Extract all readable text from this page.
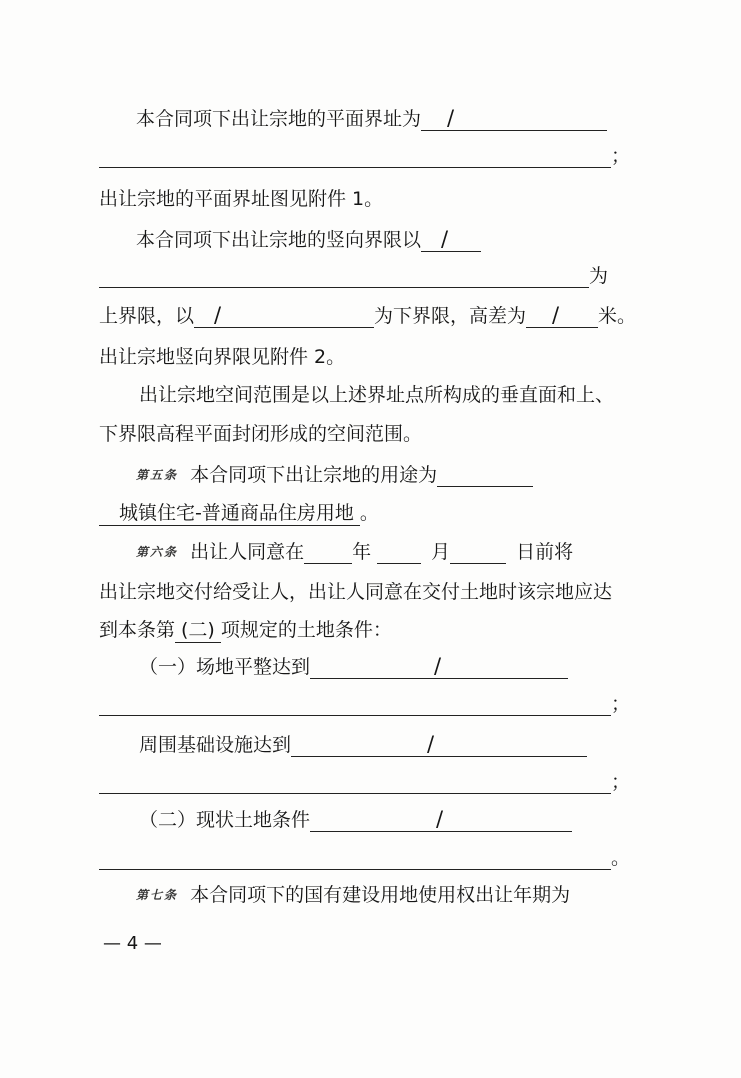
本合同项下出让宗地的平面界址为 /
；
出让宗地的平面界址图见附件 1。
本合同项下出让宗地的竖向界限以 /
为
上界限，以 /	为下界限，高差为 / 米。
出让宗地竖向界限见附件 2。
出让宗地空间范围是以上述界址点所构成的垂直面和上、
下界限高程平面封闭形成的空间范围。
第五条 本合同项下出让宗地的用途为
城镇住宅-普通商品住房用地 。
第六条 出让人同意在	年	月	日前将
出让宗地交付给受让人，出让人同意在交付土地时该宗地应达
到本条第 (二) 项规定的土地条件：
（一）场地平整达到	/
；
周围基础设施达到	/
；
（二）现状土地条件	/
。
第七条 本合同项下的国有建设用地使用权出让年期为
— 4 —
